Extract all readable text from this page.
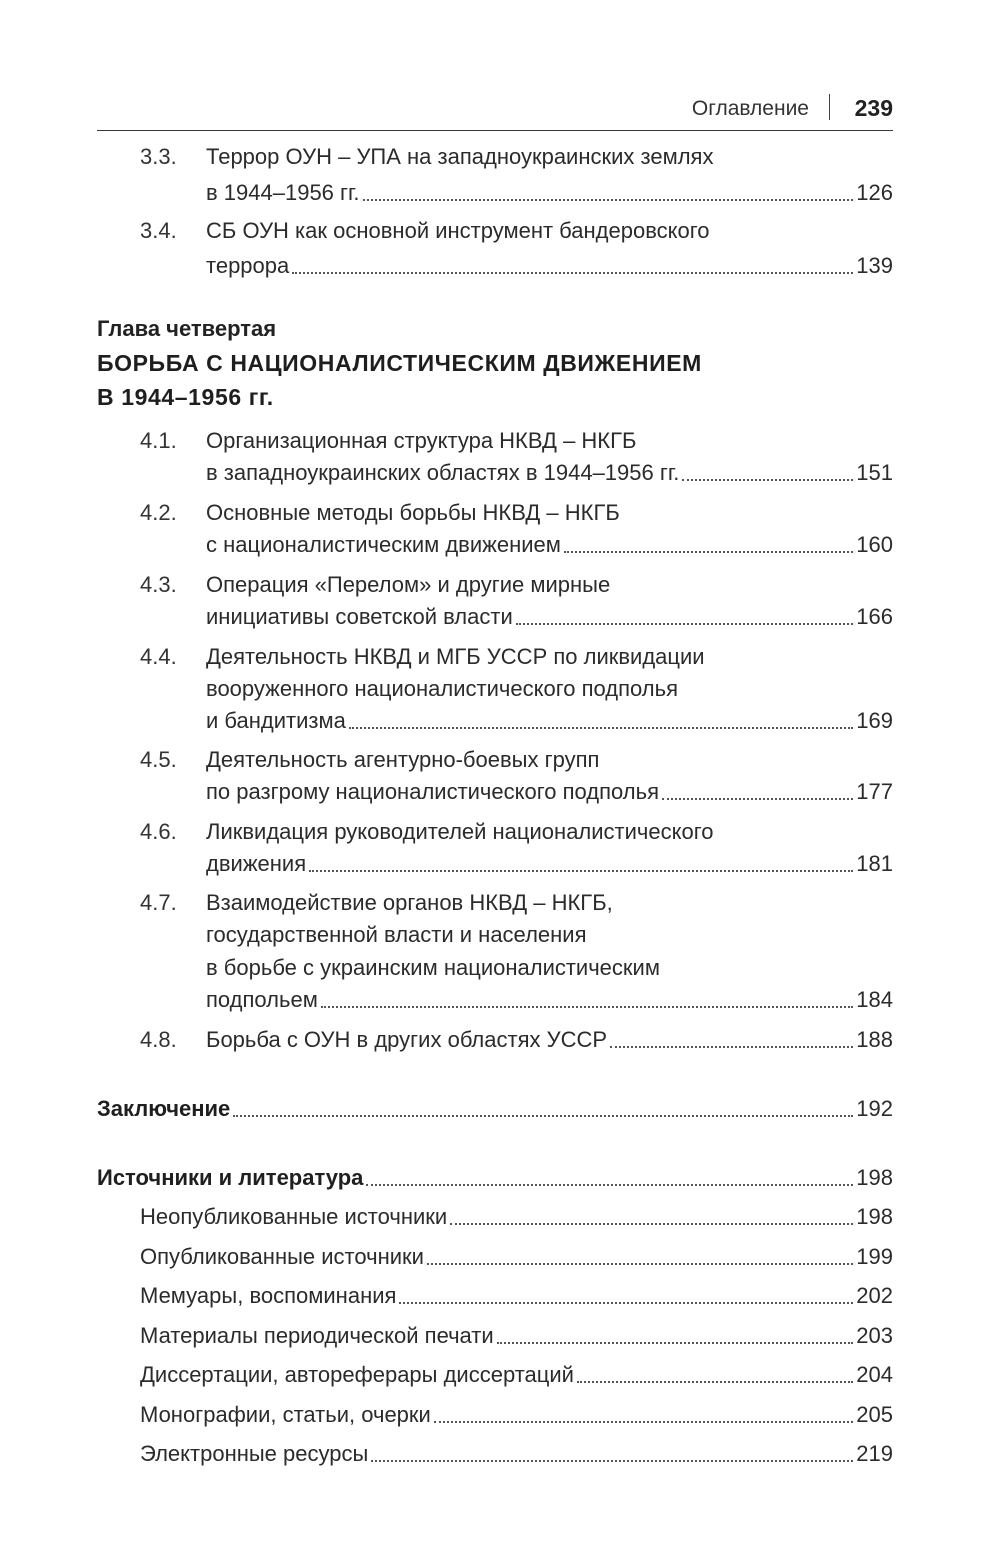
Оглавление 239
3.3. Террор ОУН – УПА на западноукраинских землях
в 1944–1956 гг.	126
3.4. СБ ОУН как основной инструмент бандеровского
террора	139
Глава четвертая
БОРЬБА С НАЦИОНАЛИСТИЧЕСКИМ ДВИЖЕНИЕМ
В 1944–1956 гг.
4.1. Организационная структура НКВД – НКГБ
в западноукраинских областях в 1944–1956 гг.	151
4.2. Основные методы борьбы НКВД – НКГБ
с националистическим движением	160
4.3. Операция «Перелом» и другие мирные
инициативы советской власти	166
4.4. Деятельность НКВД и МГБ УССР по ликвидации
вооруженного националистического подполья
и бандитизма	169
4.5. Деятельность агентурно-боевых групп
по разгрому националистического подполья	177
4.6. Ликвидация руководителей националистического
движения	181
4.7. Взаимодействие органов НКВД – НКГБ,
государственной власти и населения
в борьбе с украинским националистическим
подпольем	184
4.8. Борьба с ОУН в других областях УССР	188
Заключение	192
Источники и литература	198
Неопубликованные источники	198
Опубликованные источники	199
Мемуары, воспоминания	202
Материалы периодической печати	203
Диссертации, автореферары диссертаций	204
Монографии, статьи, очерки	205
Электронные ресурсы	219
